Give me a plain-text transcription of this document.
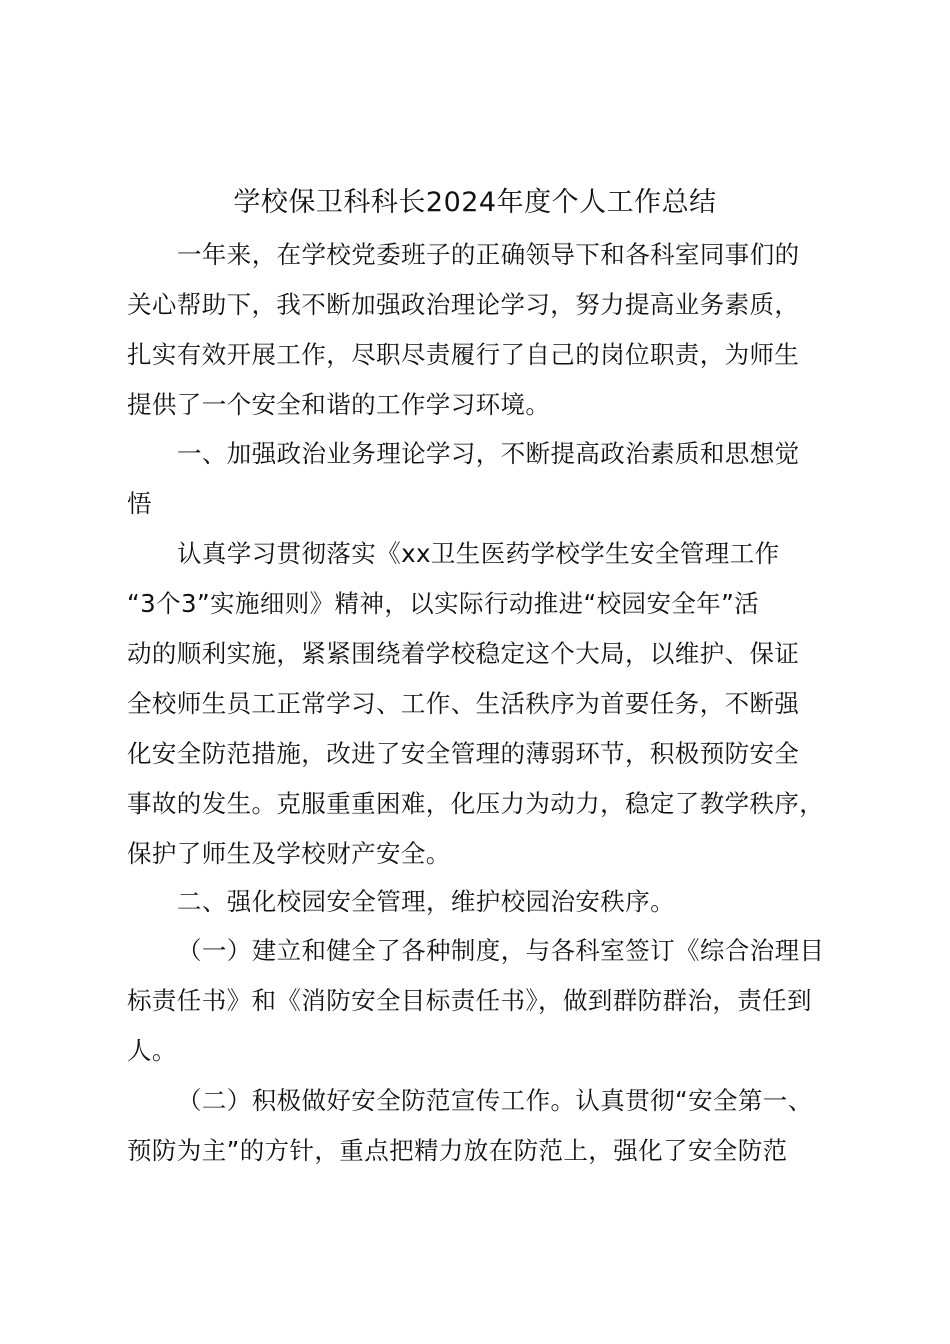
学校保卫科科长2024年度个人工作总结
一年来，在学校党委班子的正确领导下和各科室同事们的
关心帮助下，我不断加强政治理论学习，努力提高业务素质，
扎实有效开展工作，尽职尽责履行了自己的岗位职责，为师生
提供了一个安全和谐的工作学习环境。
一、加强政治业务理论学习，不断提高政治素质和思想觉
悟
认真学习贯彻落实《xx卫生医药学校学生安全管理工作
“3个3”实施细则》精神，以实际行动推进“校园安全年”活
动的顺利实施，紧紧围绕着学校稳定这个大局，以维护、保证
全校师生员工正常学习、工作、生活秩序为首要任务，不断强
化安全防范措施，改进了安全管理的薄弱环节，积极预防安全
事故的发生。克服重重困难，化压力为动力，稳定了教学秩序，
保护了师生及学校财产安全。
二、强化校园安全管理，维护校园治安秩序。
（一）建立和健全了各种制度，与各科室签订《综合治理目
标责任书》和《消防安全目标责任书》，做到群防群治，责任到
人。
（二）积极做好安全防范宣传工作。认真贯彻“安全第一、
预防为主”的方针，重点把精力放在防范上，强化了安全防范
